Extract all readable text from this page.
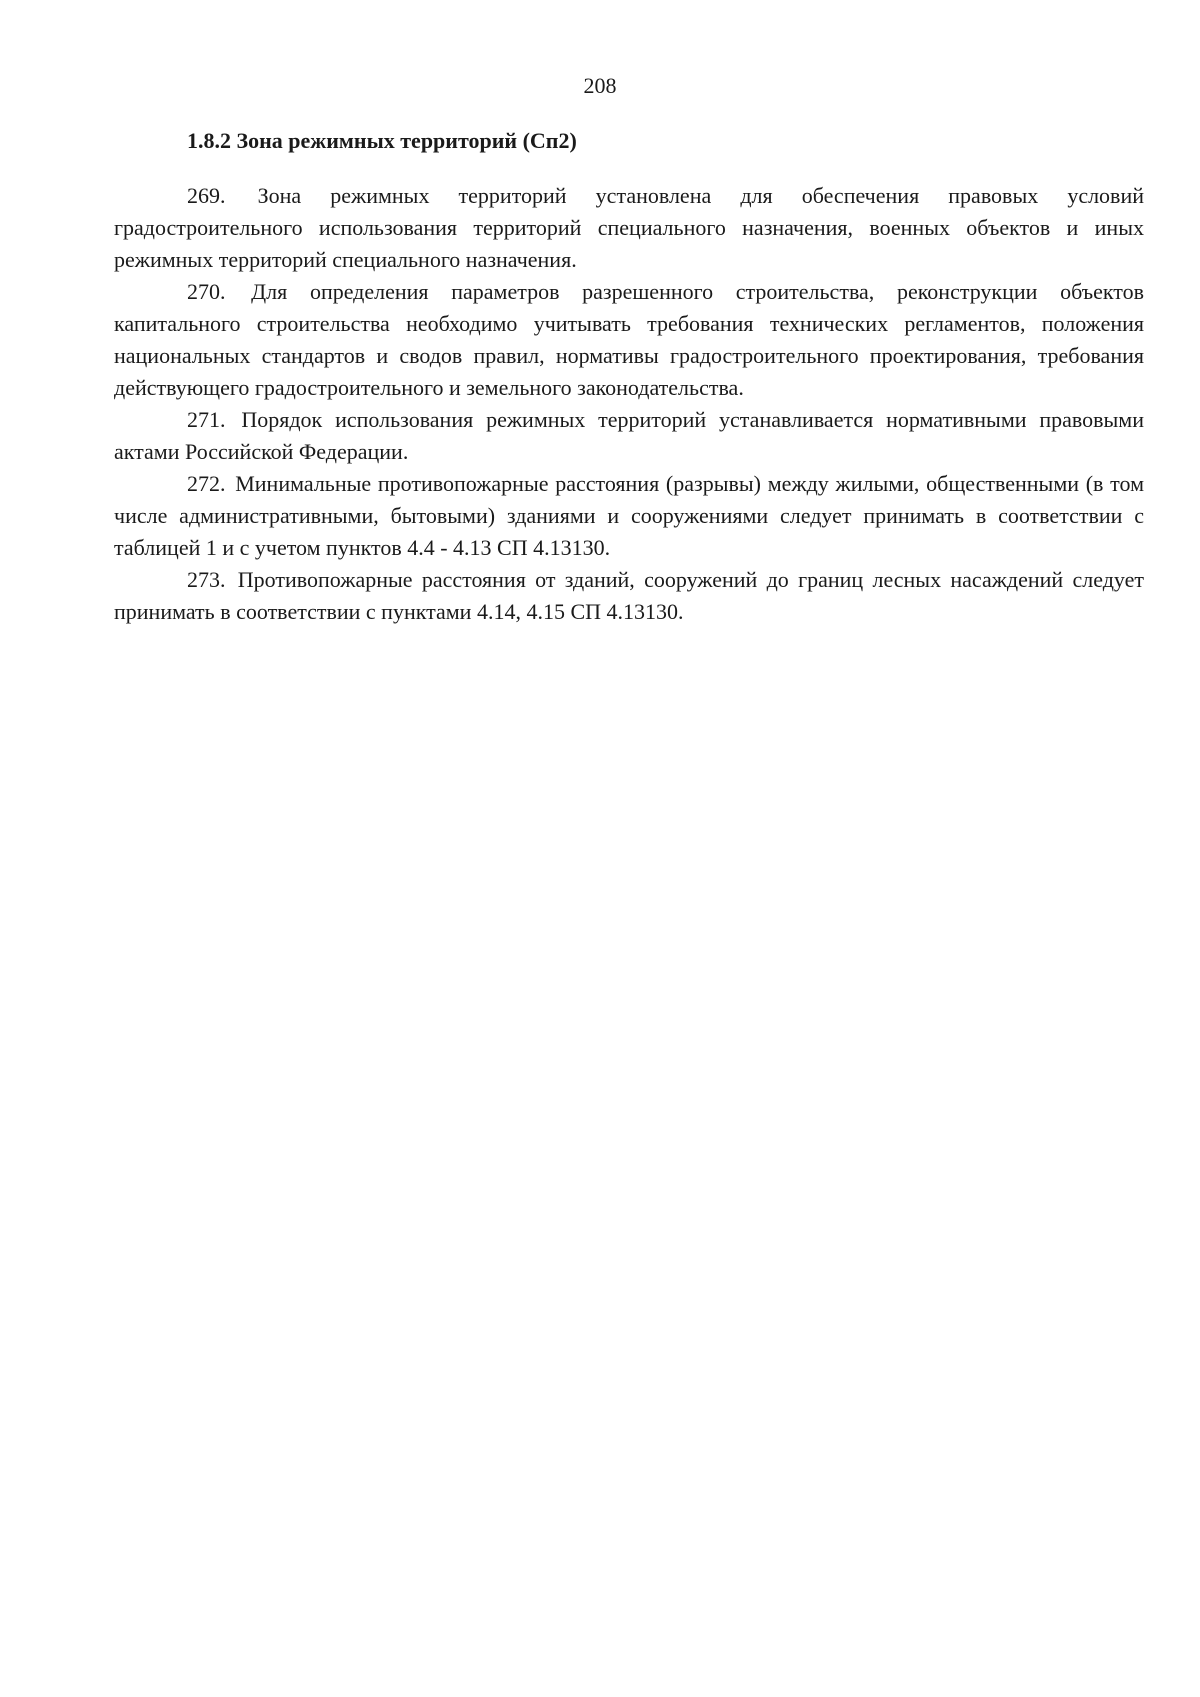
208
1.8.2 Зона режимных территорий (Сп2)

269. Зона режимных территорий установлена для обеспечения правовых условий градостроительного использования территорий специального назначения, военных объектов и иных режимных территорий специального назначения.

270. Для определения параметров разрешенного строительства, реконструкции объектов капитального строительства необходимо учитывать требования технических регламентов, положения национальных стандартов и сводов правил, нормативы градостроительного проектирования, требования действующего градостроительного и земельного законодательства.

271. Порядок использования режимных территорий устанавливается нормативными правовыми актами Российской Федерации.

272. Минимальные противопожарные расстояния (разрывы) между жилыми, общественными (в том числе административными, бытовыми) зданиями и сооружениями следует принимать в соответствии с таблицей 1 и с учетом пунктов 4.4 - 4.13 СП 4.13130.

273. Противопожарные расстояния от зданий, сооружений до границ лесных насаждений следует принимать в соответствии с пунктами 4.14, 4.15 СП 4.13130.
